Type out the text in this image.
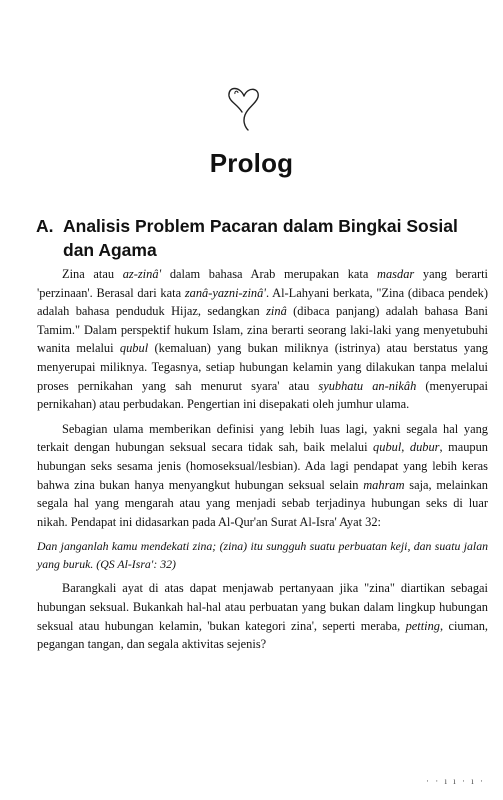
Prolog
A. Analisis Problem Pacaran dalam Bingkai Sosial dan Agama

Zina atau az-zinâ' dalam bahasa Arab merupakan kata masdar yang berarti 'perzinaan'. Berasal dari kata zanâ-yazni-zinâ'. Al-Lahyani berkata, "Zina (dibaca pendek) adalah bahasa penduduk Hijaz, sedangkan zinâ (dibaca panjang) adalah bahasa Bani Tamim." Dalam perspektif hukum Islam, zina berarti seorang laki-laki yang menyetubuhi wanita melalui qubul (kemaluan) yang bukan miliknya (istrinya) atau berstatus yang menyerupai miliknya. Tegasnya, setiap hubungan kelamin yang dilakukan tanpa melalui proses pernikahan yang sah menurut syara' atau syubhatu an-nikâh (menyerupai pernikahan) atau perbudakan. Pengertian ini disepakati oleh jumhur ulama.

Sebagian ulama memberikan definisi yang lebih luas lagi, yakni segala hal yang terkait dengan hubungan seksual secara tidak sah, baik melalui qubul, dubur, maupun hubungan seks sesama jenis (homoseksual/lesbian). Ada lagi pendapat yang lebih keras bahwa zina bukan hanya menyangkut hubungan seksual selain mahram saja, melainkan segala hal yang mengarah atau yang menjadi sebab terjadinya hubungan seks di luar nikah. Pendapat ini didasarkan pada Al-Qur'an Surat Al-Isra' Ayat 32:

Dan janganlah kamu mendekati zina; (zina) itu sungguh suatu perbuatan keji, dan suatu jalan yang buruk. (QS Al-Isra': 32)

Barangkali ayat di atas dapat menjawab pertanyaan jika "zina" diartikan sebagai hubungan seksual. Bukankah hal-hal atau perbuatan yang bukan dalam lingkup hubungan seksual atau hubungan kelamin, 'bukan kategori zina', seperti meraba, petting, ciuman, pegangan tangan, dan segala aktivitas sejenis?

· · ı ı · ı ·
